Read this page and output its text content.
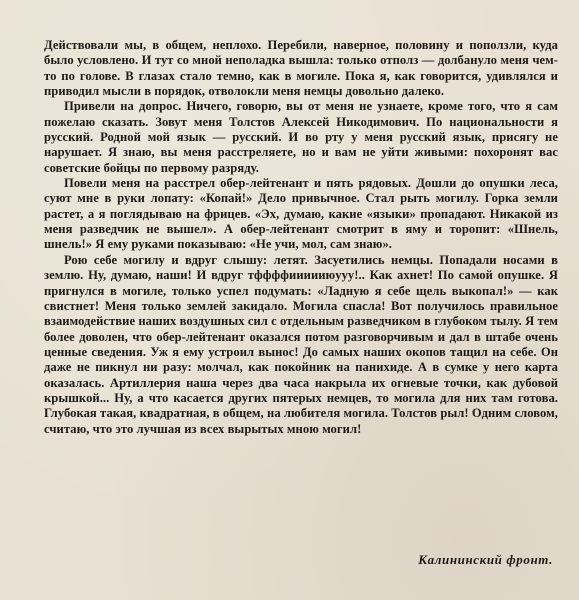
Действовали мы, в общем, неплохо. Перебили, наверное, половину и поползли, куда было условлено. И тут со мной неполадка вышла: только отполз — долбануло меня чем-то по голове. В глазах стало темно, как в могиле. Пока я, как говорится, удивлялся и приводил мысли в порядок, отволокли меня немцы довольно далеко.

Привели на допрос. Ничего, говорю, вы от меня не узнаете, кроме того, что я сам пожелаю сказать. Зовут меня Толстов Алексей Никодимович. По национальности я русский. Родной мой язык — русский. И во рту у меня русский язык, присягу не нарушает. Я знаю, вы меня расстреляете, но и вам не уйти живыми: похоронят вас советские бойцы по первому разряду.

Повели меня на расстрел обер-лейтенант и пять рядовых. Дошли до опушки леса, суют мне в руки лопату: «Копай!» Дело привычное. Стал рыть могилу. Горка земли растет, а я поглядываю на фрицев. «Эх, думаю, какие «языки» пропадают. Никакой из меня разведчик не вышел». А обер-лейтенант смотрит в яму и торопит: «Шнель, шнель!» Я ему руками показываю: «Не учи, мол, сам знаю».

Рою себе могилу и вдруг слышу: летят. Засуетились немцы. Попадали носами в землю. Ну, думаю, наши! И вдруг тффффиииииюууу!.. Как ахнет! По самой опушке. Я пригнулся в могиле, только успел подумать: «Ладную я себе щель выкопал!» — как свистнет! Меня только землей закидало. Могила спасла! Вот получилось правильное взаимодействие наших воздушных сил с отдельным разведчиком в глубоком тылу. Я тем более доволен, что обер-лейтенант оказался потом разговорчивым и дал в штабе очень ценные сведения. Уж я ему устроил вынос! До самых наших окопов тащил на себе. Он даже не пикнул ни разу: молчал, как покойник на панихиде. А в сумке у него карта оказалась. Артиллерия наша через два часа накрыла их огневые точки, как дубовой крышкой... Ну, а что касается других пятерых немцев, то могила для них там готова. Глубокая такая, квадратная, в общем, на любителя могила. Толстов рыл! Одним словом, считаю, что это лучшая из всех вырытых мною могил!

Калининский фронт.
